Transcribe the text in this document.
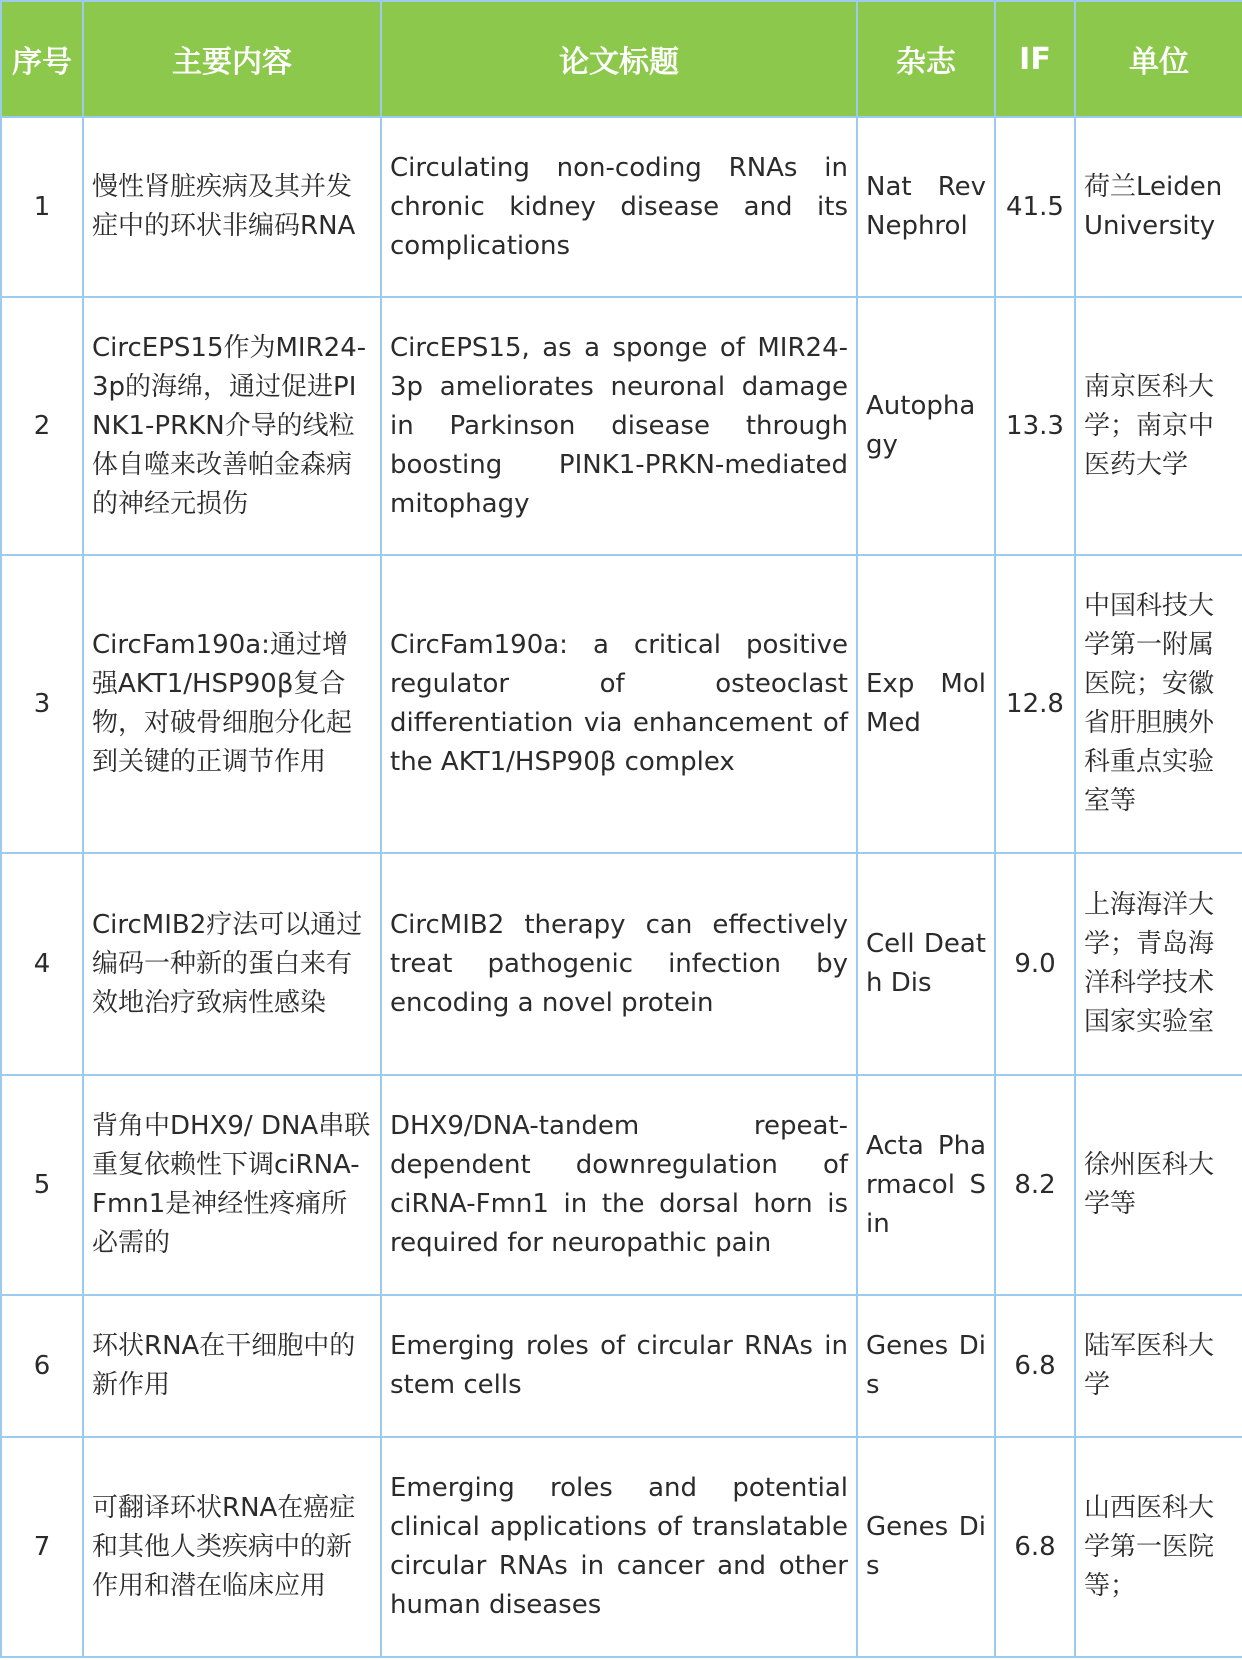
序号	主要内容	论文标题	杂志	IF	单位
1	慢性肾脏疾病及其并发症中的环状非编码RNA	Circulating non-coding RNAs in chronic kidney disease and its complications	Nat Rev Nephrol	41.5	荷兰Leiden University
2	CircEPS15作为MIR24-3p的海绵，通过促进PINK1-PRKN介导的线粒体自噬来改善帕金森病的神经元损伤	CircEPS15, as a sponge of MIR24-3p ameliorates neuronal damage in Parkinson disease through boosting PINK1-PRKN-mediated mitophagy	Autophagy	13.3	南京医科大学；南京中医药大学
3	CircFam190a:通过增强AKT1/HSP90β复合物，对破骨细胞分化起到关键的正调节作用	CircFam190a: a critical positive regulator of osteoclast differentiation via enhancement of the AKT1/HSP90β complex	Exp Mol Med	12.8	中国科技大学第一附属医院；安徽省肝胆胰外科重点实验室等
4	CircMIB2疗法可以通过编码一种新的蛋白来有效地治疗致病性感染	CircMIB2 therapy can effectively treat pathogenic infection by encoding a novel protein	Cell Death Dis	9.0	上海海洋大学；青岛海洋科学技术国家实验室
5	背角中DHX9/ DNA串联重复依赖性下调ciRNA-Fmn1是神经性疼痛所必需的	DHX9/DNA-tandem repeat-dependent downregulation of ciRNA-Fmn1 in the dorsal horn is required for neuropathic pain	Acta Pharmacol Sin	8.2	徐州医科大学等
6	环状RNA在干细胞中的新作用	Emerging roles of circular RNAs in stem cells	Genes Dis	6.8	陆军医科大学
7	可翻译环状RNA在癌症和其他人类疾病中的新作用和潜在临床应用	Emerging roles and potential clinical applications of translatable circular RNAs in cancer and other human diseases	Genes Dis	6.8	山西医科大学第一医院等；
